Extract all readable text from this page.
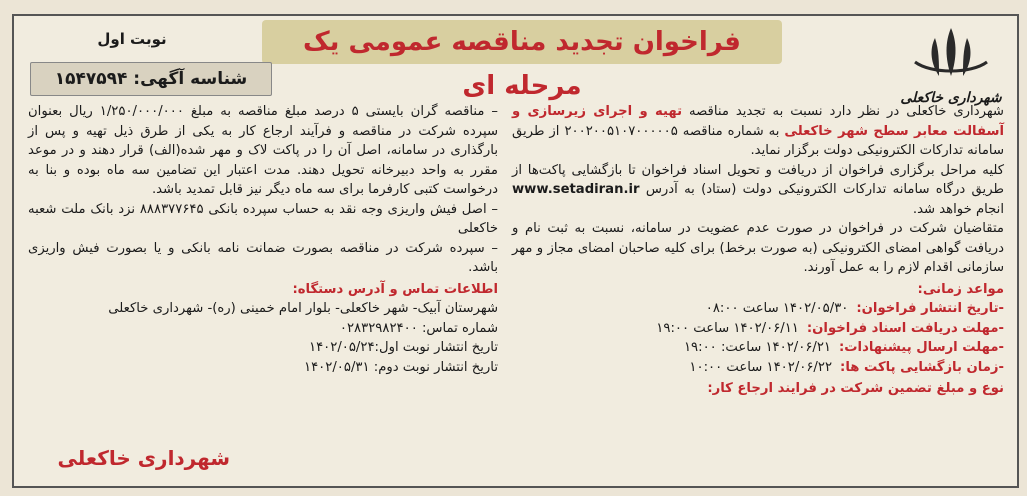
فراخوان تجدید مناقصه عمومی یک مرحله ای
نوبت اول
شناسه آگهی: ۱۵۴۷۵۹۴
شهرداری خاکعلی

شهرداری خاکعلی در نظر دارد نسبت به تجدید مناقصه تهیه و اجرای زیرسازی و آسفالت معابر سطح شهر خاکعلی به شماره مناقصه ۲۰۰۲۰۰۵۱۰۷۰۰۰۰۰۵ از طریق سامانه تدارکات الکترونیکی دولت برگزار نماید.

کلیه مراحل برگزاری فراخوان از دریافت و تحویل اسناد فراخوان تا بازگشایی پاکت‌ها از طریق درگاه سامانه تدارکات الکترونیکی دولت (ستاد) به آدرس www.setadiran.ir انجام خواهد شد.

متقاضیان شرکت در فراخوان در صورت عدم عضویت در سامانه، نسبت به ثبت نام و دریافت گواهی امضای الکترونیکی (به صورت برخط) برای کلیه صاحبان امضای مجاز و مهر سازمانی اقدام لازم را به عمل آورند.

مواعد زمانی:

-تاریخ انتشار فراخوان:
۱۴۰۲/۰۵/۳۰ ساعت ۰۸:۰۰
-مهلت دریافت اسناد فراخوان:
۱۴۰۲/۰۶/۱۱ ساعت ۱۹:۰۰
-مهلت ارسال پیشنهادات:
۱۴۰۲/۰۶/۲۱ ساعت: ۱۹:۰۰
-زمان بازگشایی پاکت ها:
۱۴۰۲/۰۶/۲۲ ساعت ۱۰:۰۰

نوع و مبلغ تضمین شرکت در فرایند ارجاع کار:

– مناقصه گران بایستی ۵ درصد مبلغ مناقصه به مبلغ ۱/۲۵۰/۰۰۰/۰۰۰ ریال بعنوان سپرده شرکت در مناقصه و فرآیند ارجاع کار به یکی از طرق ذیل تهیه و پس از بارگذاری در سامانه، اصل آن را در پاکت لاک و مهر شده(الف) قرار دهند و در موعد مقرر به واحد دبیرخانه تحویل دهند. مدت اعتبار این تضامین سه ماه بوده و بنا به درخواست کتبی کارفرما برای سه ماه دیگر نیز قابل تمدید باشد.

– اصل فیش واریزی وجه نقد به حساب سپرده بانکی ۸۸۸۳۷۷۶۴۵ نزد بانک ملت شعبه خاکعلی

– سپرده شرکت در مناقصه بصورت ضمانت نامه بانکی و یا بصورت فیش واریزی باشد.

اطلاعات تماس و آدرس دستگاه:

شهرستان آبیک- شهر خاکعلی- بلوار امام خمینی (ره)- شهرداری خاکعلی

شماره تماس: ۰۲۸۳۲۹۸۲۴۰۰

تاریخ انتشار نوبت اول:۱۴۰۲/۰۵/۲۴

تاریخ انتشار نوبت دوم: ۱۴۰۲/۰۵/۳۱

شهرداری خاکعلی
